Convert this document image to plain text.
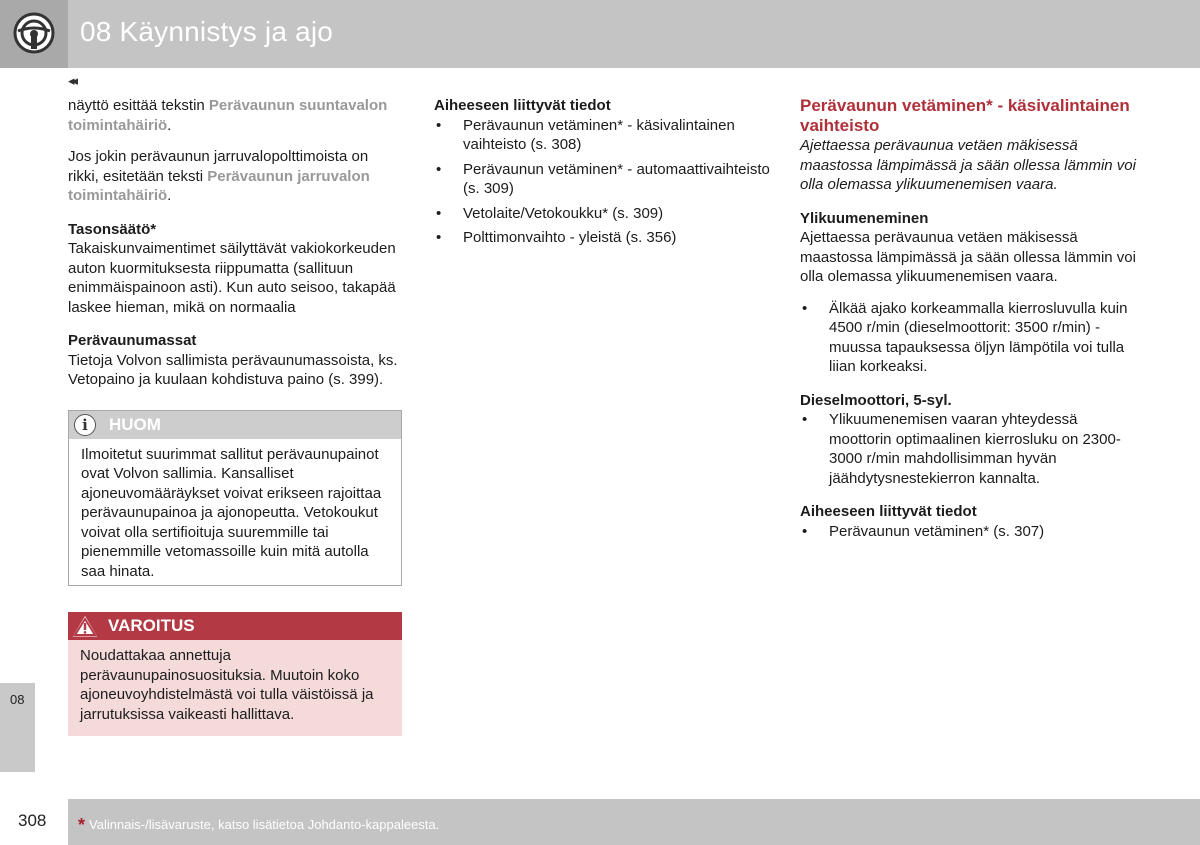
08 Käynnistys ja ajo
◂◂
08

näyttö esittää tekstin Perävaunun suuntavalon toimintahäiriö.

Jos jokin perävaunun jarruvalopolttimoista on rikki, esitetään teksti Perävaunun jarruvalon toimintahäiriö.

Tasonsäätö*

Takaiskunvaimentimet säilyttävät vakiokorkeuden auton kuormituksesta riippumatta (sallituun enimmäispainoon asti). Kun auto seisoo, takapää laskee hieman, mikä on normaalia

Perävaunumassat

Tietoja Volvon sallimista perävaunumassoista, ks. Vetopaino ja kuulaan kohdistuva paino (s. 399).

i	HUOM
Ilmoitetut suurimmat sallitut perävaunupainot ovat Volvon sallimia. Kansalliset ajoneuvomääräykset voivat erikseen rajoittaa perävaunupainoa ja ajonopeutta. Vetokoukut voivat olla sertifioituja suuremmille tai pienemmille vetomassoille kuin mitä autolla saa hinata.
VAROITUS
Noudattakaa annettuja perävaunupainosuosituksia. Muutoin koko ajoneuvoyhdistelmästä voi tulla väistöissä ja jarrutuksissa vaikeasti hallittava.
Aiheeseen liittyvät tiedot
• Perävaunun vetäminen* - käsivalintainen vaihteisto (s. 308)
• Perävaunun vetäminen* - automaattivaihteisto (s. 309)
• Vetolaite/Vetokoukku* (s. 309)
• Polttimonvaihto - yleistä (s. 356)
Perävaunun vetäminen* - käsivalintainen vaihteisto

Ajettaessa perävaunua vetäen mäkisessä maastossa lämpimässä ja sään ollessa lämmin voi olla olemassa ylikuumenemisen vaara.

Ylikuumeneminen

Ajettaessa perävaunua vetäen mäkisessä maastossa lämpimässä ja sään ollessa lämmin voi olla olemassa ylikuumenemisen vaara.

• Älkää ajako korkeammalla kierrosluvulla kuin 4500 r/min (dieselmoottorit: 3500 r/min) - muussa tapauksessa öljyn lämpötila voi tulla liian korkeaksi.
Dieselmoottori, 5-syl.
• Ylikuumenemisen vaaran yhteydessä moottorin optimaalinen kierrosluku on 2300-3000 r/min mahdollisimman hyvän jäähdytysnestekierron kannalta.
Aiheeseen liittyvät tiedot
• Perävaunun vetäminen* (s. 307)
308 * Valinnais-/lisävaruste, katso lisätietoa Johdanto-kappaleesta.
